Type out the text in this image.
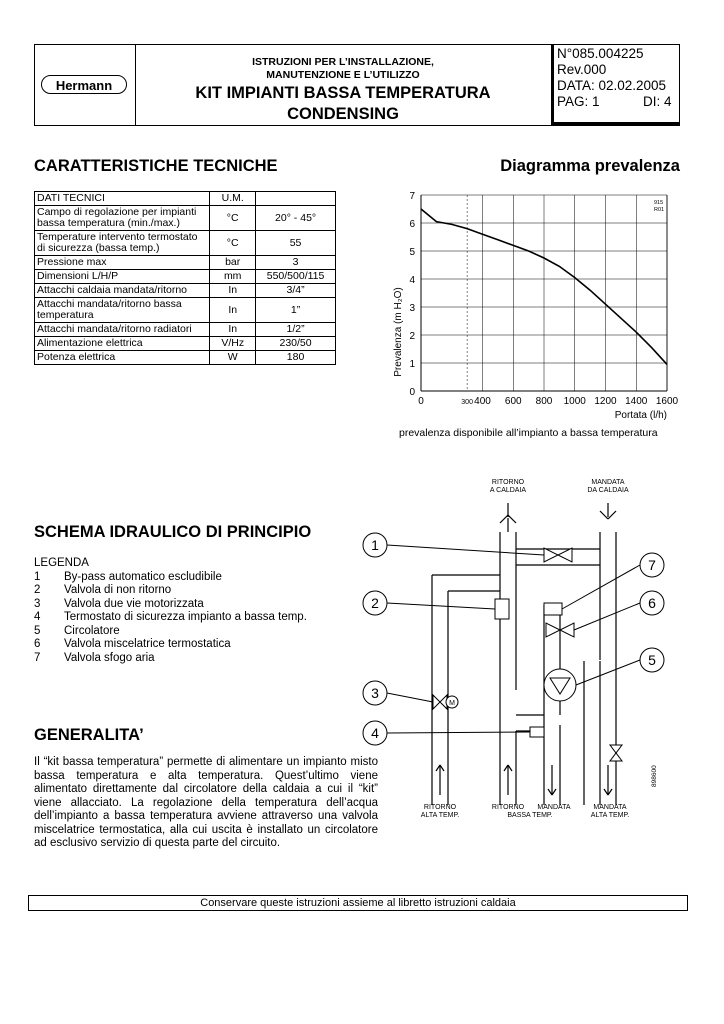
Hermann
ISTRUZIONI PER L’INSTALLAZIONE,
MANUTENZIONE E L’UTILIZZO
KIT IMPIANTI BASSA TEMPERATURA
CONDENSING
N°085.004225 Rev.000
DATA: 02.02.2005
PAG: 1	DI: 4
CARATTERISTICHE TECNICHE	Diagramma prevalenza
DATI TECNICI	U.M.	
Campo di regolazione per impianti bassa temperatura (min./max.)	°C	20° - 45°
Temperature intervento termostato di sicurezza (bassa temp.)	°C	55
Pressione max	bar	3
Dimensioni L/H/P	mm	550/500/115
Attacchi caldaia mandata/ritorno	In	3/4”
Attacchi mandata/ritorno bassa temperatura	In	1”
Attacchi mandata/ritorno radiatori	In	1/2”
Alimentazione elettrica	V/Hz	230/50
Potenza elettrica	W	180
0	300 400 600 800 1000 1200 1400 1600
0
1
2
3
4
5
6
7
915
R01
Prevalenza (m H₂O)
Portata (l/h)
prevalenza disponibile all’impianto a bassa temperatura
SCHEMA IDRAULICO DI PRINCIPIO
LEGENDA
1 By-pass automatico escludibile
2 Valvola di non ritorno
3 Valvola due vie motorizzata
4 Termostato di sicurezza impianto a bassa temp.
5 Circolatore
6 Valvola miscelatrice termostatica
7 Valvola sfogo aria
M
1
2
3
4
7
6
5
RITORNO
A CALDAIA
MANDATA
DA CALDAIA
RITORNO
ALTA TEMP.
RITORNO MANDATA
BASSA TEMP.
MANDATA
ALTA TEMP.
898600
GENERALITA’
Il “kit bassa temperatura” permette di alimentare un impianto misto bassa temperatura e alta temperatura. Quest’ultimo viene alimentato direttamente dal circolatore della caldaia a cui il “kit” viene allacciato. La regolazione della temperatura dell’acqua dell’impianto a bassa temperatura avviene attraverso una valvola miscelatrice termostatica, alla cui uscita è installato un circolatore ad esclusivo servizio di questa parte del circuito.
Conservare queste istruzioni assieme al libretto istruzioni caldaia
